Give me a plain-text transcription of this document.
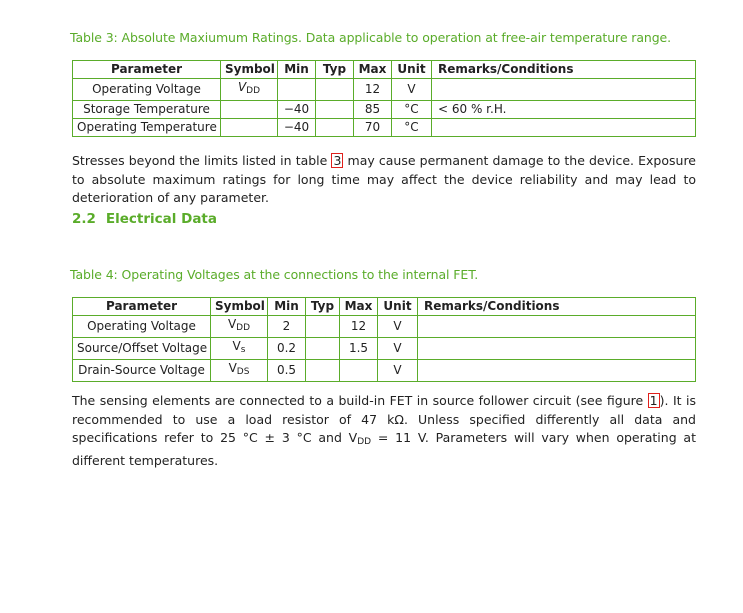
Table 3: Absolute Maxiumum Ratings. Data applicable to operation at free-air temperature range.
Parameter	Symbol	Min	Typ	Max	Unit	Remarks/Conditions
Operating Voltage	$V_{DD}$			12	V	
Storage Temperature		−40		85	°C	< 60 % r.H.
Operating Temperature		−40		70	°C	
Stresses beyond the limits listed in table 3 may cause permanent damage to the device. Exposure to absolute maximum ratings for long time may affect the device reliability and may lead to deterioration of any parameter.
2.2 Electrical Data
Table 4: Operating Voltages at the connections to the internal FET.
Parameter	Symbol	Min	Typ	Max	Unit	Remarks/Conditions
Operating Voltage	$V_{DD}$	2		12	V	
Source/Offset Voltage	$V_s$	0.2		1.5	V	
Drain-Source Voltage	$V_{DS}$	0.5			V	
The sensing elements are connected to a build-in FET in source follower circuit (see figure 1 ). It is recommended to use a load resistor of 47 kΩ. Unless specified differently all data and specifications refer to 25 °C ± 3 °C and $V_{DD} = 11$ V. Parameters will vary when operating at different temperatures.
